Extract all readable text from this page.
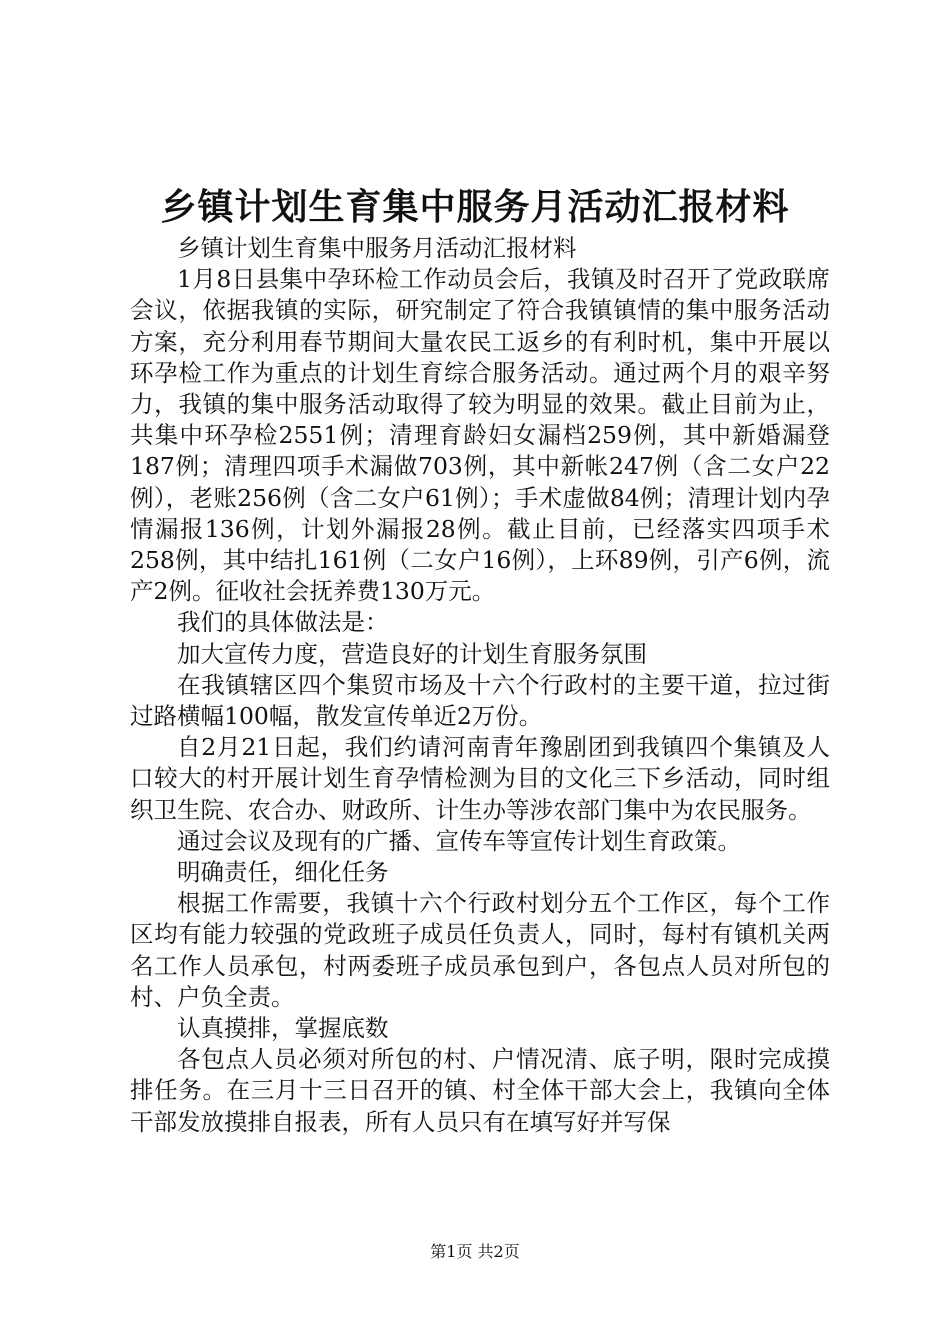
乡镇计划生育集中服务月活动汇报材料

乡镇计划生育集中服务月活动汇报材料

1月8日县集中孕环检工作动员会后，我镇及时召开了党政联席会议，依据我镇的实际，研究制定了符合我镇镇情的集中服务活动方案，充分利用春节期间大量农民工返乡的有利时机，集中开展以环孕检工作为重点的计划生育综合服务活动。通过两个月的艰辛努力，我镇的集中服务活动取得了较为明显的效果。截止目前为止，共集中环孕检2551例；清理育龄妇女漏档259例，其中新婚漏登187例；清理四项手术漏做703例，其中新帐247例（含二女户22例），老账256例（含二女户61例）；手术虚做84例；清理计划内孕情漏报136例，计划外漏报28例。截止目前，已经落实四项手术258例，其中结扎161例（二女户16例），上环89例，引产6例，流产2例。征收社会抚养费130万元。

我们的具体做法是：

加大宣传力度，营造良好的计划生育服务氛围

在我镇辖区四个集贸市场及十六个行政村的主要干道，拉过街过路横幅100幅，散发宣传单近2万份。

自2月21日起，我们约请河南青年豫剧团到我镇四个集镇及人口较大的村开展计划生育孕情检测为目的文化三下乡活动，同时组织卫生院、农合办、财政所、计生办等涉农部门集中为农民服务。

通过会议及现有的广播、宣传车等宣传计划生育政策。

明确责任，细化任务

根据工作需要，我镇十六个行政村划分五个工作区，每个工作区均有能力较强的党政班子成员任负责人，同时，每村有镇机关两名工作人员承包，村两委班子成员承包到户，各包点人员对所包的村、户负全责。

认真摸排，掌握底数

各包点人员必须对所包的村、户情况清、底子明，限时完成摸排任务。在三月十三日召开的镇、村全体干部大会上，我镇向全体干部发放摸排自报表，所有人员只有在填写好并写保

第1页 共2页
